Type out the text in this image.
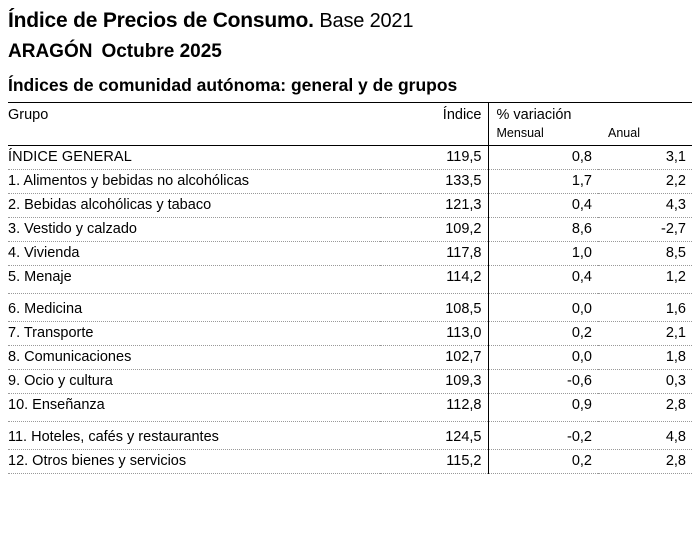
Índice de Precios de Consumo. Base 2021
ARAGÓN Octubre 2025
Índices de comunidad autónoma: general y de grupos
Grupo	Índice	% variación	
		Mensual	Anual
ÍNDICE GENERAL	119,5	0,8	3,1
1. Alimentos y bebidas no alcohólicas	133,5	1,7	2,2
2. Bebidas alcohólicas y tabaco	121,3	0,4	4,3
3. Vestido y calzado	109,2	8,6	-2,7
4. Vivienda	117,8	1,0	8,5
5. Menaje	114,2	0,4	1,2
6. Medicina	108,5	0,0	1,6
7. Transporte	113,0	0,2	2,1
8. Comunicaciones	102,7	0,0	1,8
9. Ocio y cultura	109,3	-0,6	0,3
10. Enseñanza	112,8	0,9	2,8
11. Hoteles, cafés y restaurantes	124,5	-0,2	4,8
12. Otros bienes y servicios	115,2	0,2	2,8
